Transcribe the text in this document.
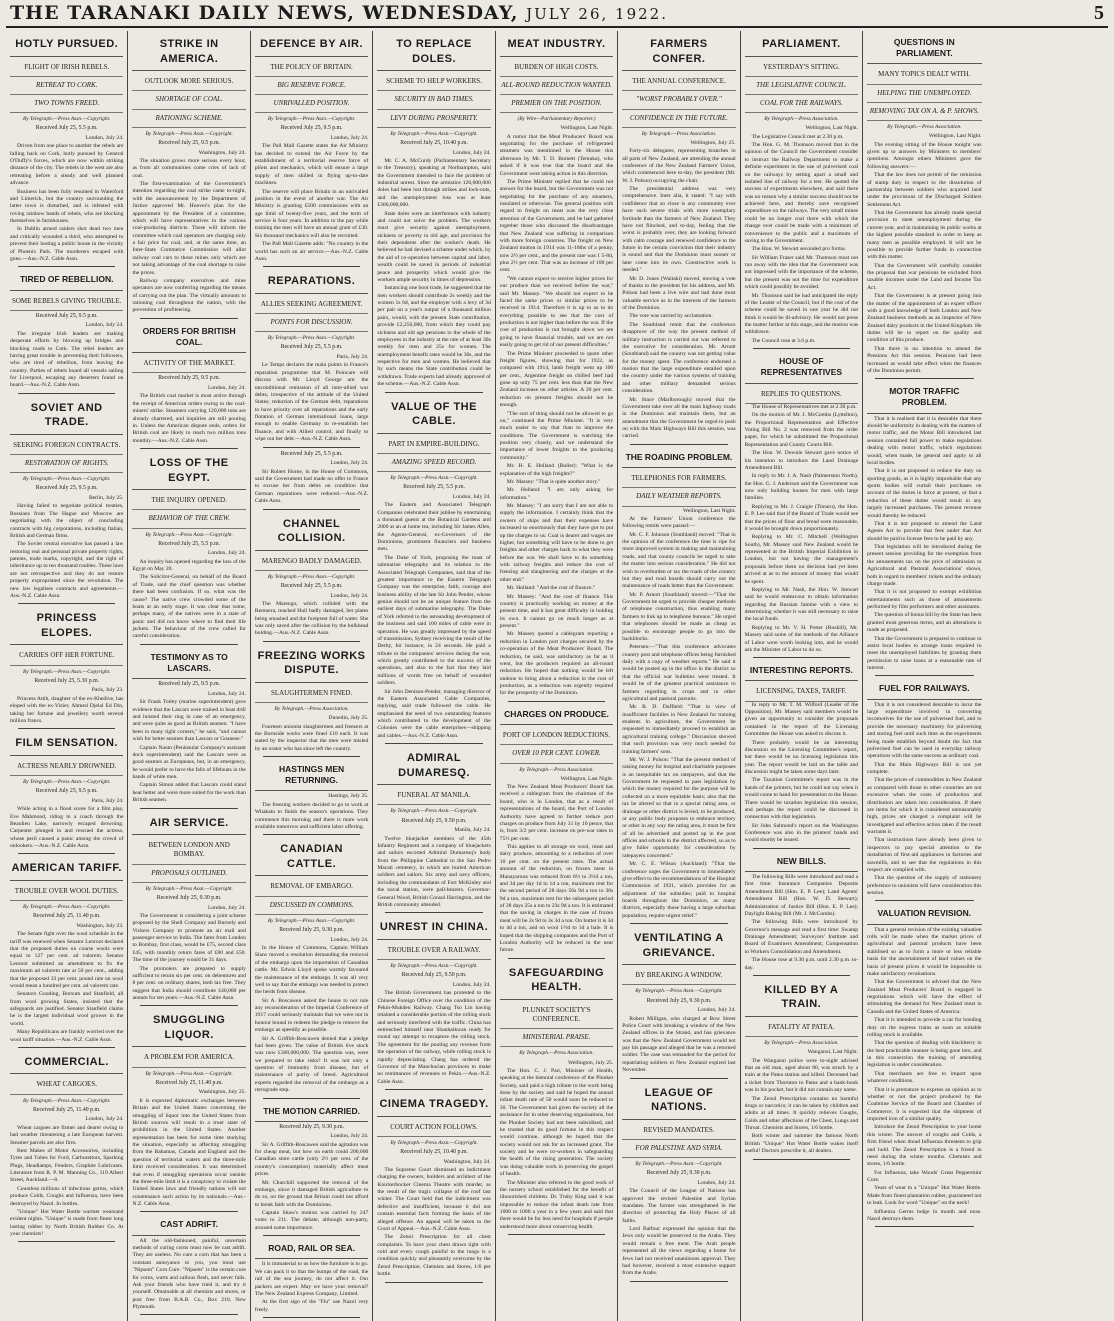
THE TARANAKI DAILY NEWS, WEDNESDAY, JULY 26, 1922.	5
HOTLY PURSUED.
FLIGHT OF IRISH REBELS.
RETREAT TO CORK.
TWO TOWNS FREED.
By Telegraph.—Press Assn.—Copyright.
Received July 25, 5.5 p.m.
London, July 24.

Driven from one place to another the rebels are falling back on Cork, hotly pursued by General O'Duffy's forces, which are now within striking distance of the city. The rebels in the west are also retreating before a steady and well planned advance.

Business has been fully resumed in Waterford and Limerick, but the country surrounding the latter town is disturbed, and is infested with roving rainbow bands of rebels, who are blocking themselves in farmhouses.

In Dublin armed raiders shot dead two men and critically wounded a third, who attempted to prevent their looting a public house in the vicinity of Phoenix Park. The murderers escaped with guns.—Aus.-N.Z. Cable Assn.

TIRED OF REBELLION.
SOME REBELS GIVING TROUBLE.
Received July 25, 9.5 p.m.
London, July 24.

The irregular Irish leaders are making desperate efforts by blowing up bridges and blocking roads to Cork. The rebel leaders are having great trouble in preventing their followers, who are tired of rebellion, from leaving the country. Parties of rebels board all vessels sailing for Liverpool, escaping any deserters found on board.—Aus.-N.Z. Cable Assn.

SOVIET AND TRADE.
SEEKING FOREIGN CONTRACTS.
RESTORATION OF RIGHTS.
By Telegraph.—Press Assn.—Copyright.
Received July 25, 9.5 p.m.
Berlin, July 25.

Having failed to negotiate political treaties, Russians from The Hague and Moscow are negotiating with the object of concluding contracts with big corporations, including Italian, British and German firms.

The Soviet central executive has passed a law restoring real and personal private property rights, patents, trade marks, copyright, and the right of inheritance up to ten thousand roubles. These laws are not retrospective and they do not restore property expropriated since the revolution. The new law legalises contracts and agreements.—Aus.-N.Z. Cable Assn.

PRINCESS ELOPES.
CARRIES OFF HER FORTUNE.
By Telegraph.—Press Assn.—Copyright.
Received July 25, 5.30 p.m.
Paris, July 23.

Princess Attih, daughter of the ex-Khedive, has eloped with the ex-Vizier, Ahmed Djelal Ed Din, taking her fortune and jewellery worth several million francs.

FILM SENSATION.
ACTRESS NEARLY DROWNED.
By Telegraph.—Press Assn.—Copyright.
Received July 25, 9.5 p.m.
Paris, July 24.

While acting in a flood scene for a film play, Eve Mahmond, riding in a coach through the Beaulieu Lake, narrowly escaped drowning. Carpenter plunged in and rescued the actress, whose peril caused a panic among the crowd of onlookers.—Aus.-N.Z. Cable Assn.

AMERICAN TARIFF.
TROUBLE OVER WOOL DUTIES.
By Telegraph.—Press Assn.—Copyright.
Received July 25, 11.40 p.m.
Washington, July 23.

The Senate fight over the wool schedule in the tariff was renewed when Senator Lenroot declared that the proposed duties on coarse wools were equal to 127 per cent. ad valorem. Senator Lenroot submitted an amendment to fix the maximum ad valorem rate at 50 per cent., adding that the proposed 33 per cent. pound rate on wool would mean a hundred per cent. ad valorem rate.

Senators Gooding, Borsum and Stanfield, all from wool growing States, insisted that the safeguards are justified. Senator Stanfield claims he is the largest individual wool grower in the world.

Many Republicans are frankly worried over the wool tariff situation.—Aus.-N.Z. Cable Assn.

COMMERCIAL.
WHEAT CARGOES.
By Telegraph.—Press Assn.—Copyright.
Received July 25, 11.40 p.m.
London, July 24.

Wheat cargoes are firmer and dearer owing to bad weather threatening a late European harvest. Steamer parcels are also firm.

Best Makes of Motor Accessories, including Tyres and Tubes for Ford, Carburettors, Sparking Plugs, Headlamps, Fenders, Graphite Lubricants. Literature from R. P. M. Manning Co., 119 Albert Street, Auckland.—8.

Countless millions of infectious germs, which produce Colds, Coughs and Influenza, have been destroyed by Nazol. In bottles.

"Unique" Hot Water Bottle warmer wearsand evident nights. "Unique" is made from finest long lasting rubber by North British Rubber Co. At your chemists!

STRIKE IN AMERICA.
OUTLOOK MORE SERIOUS.
SHORTAGE OF COAL.
RATIONING SCHEME.
By Telegraph.—Press Assn.—Copyright.
Received July 25, 9.5 p.m.
Washington, July 24.

The situation grows more serious every hour, as from all communities come cries of lack of coal.

The first-examination of the Government's intention regarding the coal strike came to-night, with the announcement by the Department of Justice approved Mr. Hoover's plan for the appointment by the President of a committee, which will have representatives in the various coal-producing districts. These will inform the committee which coal operators are charging only a fair price for coal, and, at the same time, an Inter-State Commerce Commission will allot railway coal cars to those mines only which are not taking advantage of the coal shortage to raise the prices.

Railway company executives and mine operators are now conferring regarding the means of carrying out the plan. The virtually amounts to rationing coal throughout the nation, with the prevention of profiteering.

ORDERS FOR BRITISH COAL.
ACTIVITY OF THE MARKET.
Received July 25, 9.5 p.m.
London, July 24.

The British coal market is most active through the receipt of American orders owing to the coal-miners' strike. Steamers carrying 120,000 tons are already chartered, and inquiries are still pouring in. Unless the American dispute ends, orders for British coal are likely to reach two million tons monthly.—Aus.-N.Z. Cable Assn.

LOSS OF THE EGYPT.
THE INQUIRY OPENED.
BEHAVIOR OF THE CREW.
By Telegraph.—Press Assn.—Copyright.
Received July 25, 5.5 p.m.
London, July 24.

An inquiry has opened regarding the loss of the Egypt on May 20.

The Solicitor-General, on behalf of the Board of Trade, said the chief question was whether there had been confusion. If so, what was the cause? The native crew crowded some of the boats at an early stage. It was clear that some, perhaps many, of the natives were in a state of panic and did not know where to find their life jackets. The behaviour of the crew called for careful consideration.

TESTIMONY AS TO LASCARS.
Received July 25, 9.5 p.m.
London, July 24.

Sir Frank Totley (marine superintendent) gave evidence that the Lascars were trained in boat drill and hoisted their ring in case of an emergency, and were quite as good as British seamen. "I have been in many tight corners," he said, "and cannot wish for better seamen than Lascars or Goanese."

Captain Naum (Peninsular Company's assistant dock superintendent) said the Lascars were as good seamen as Europeans, but, in an emergency, he would prefer to have the falls of lifeboats in the hands of white men.

Captain Simon added that Lascars could stand heat better and were more suited for the work than British seamen.

AIR SERVICE.
BETWEEN LONDON AND BOMBAY.
PROPOSALS OUTLINED.
By Telegraph.—Press Assn.—Copyright.
Received July 25, 9.30 p.m.
London, July 24.

The Government is considering a joint scheme proposed by the Shell Company and Burnely and Vickers Company to promote an air mail and passenger service to India. The fares from London to Bombay, first class, would be £75, second class £45, with monthly return fares of £80 and £50. The time of the journey would be 31 days.

The promoters are prepared to supply sufficient to return six per cent. on debentures and 8 per cent. on ordinary shares, both tax free. They suggest that India should contribute £40,000 per annum for ten years.—Aus.-N.Z. Cable Assn.

SMUGGLING LIQUOR.
A PROBLEM FOR AMERICA.
By Telegraph.—Press Assn.—Copyright.
Received July 25, 11.40 p.m.
Washington, July 25.

It is expected diplomatic exchanges between Britain and the United States concerning the smuggling of liquor into the United States from British sources will result in a truer state of prohibition in the United States. Another representation has been for some time studying the situation, especially as affecting smuggling from the Bahamas, Canada and England and the question of territorial waters and the three-mile limit received consideration. It was determined that even if smuggling operations occur outside the three-mile limit it is a conspiracy to violate the United States laws and friendly nations will not countenance such action by its nationals.—Aus.-N.Z. Cable Assn.

CAST ADRIFT.

All the old-fashioned, painful, uncertain methods of curing corns must now be cast adrift. They are useless. No cure a corn that has been a constant annoyance to you, you must use "Nipsem" Corn Cure. "Nipsem" is the certain cure for corns, warts and callous flesh, and never fails. Ask your friends who have tried it, and try it yourself. Obtainable at all chemists and stores, or post free from B.A.B. Co., Box 210, New Plymouth.

DEFENCE BY AIR.
THE POLICY OF BRITAIN.
BIG RESERVE FORCE.
UNRIVALLED POSITION.
By Telegraph.—Press Assn.—Copyright.
Received July 25, 9.5 p.m.
London, July 24.

The Pall Mall Gazette states the Air Ministry has decided to extend the Air Force by the establishment of a territorial reserve force of pilots and mechanics, which will ensure a large supply of men skilled in flying up-to-date machines.

The reserve will place Britain in an unrivalled position in the event of another war. The Air Ministry is granting £500 commissions with an age limit of twenty-five years, and the term of service is four years. In addition to the pay while training the men will have an annual grant of £30. Six thousand mechanics will also be recruited.

The Pall Mall Gazette adds: "No country in the world has such an air service.—Aus.-N.Z. Cable Assn.

REPARATIONS.
ALLIES SEEKING AGREEMENT.
POINTS FOR DISCUSSION.
By Telegraph.—Press Assn.—Copyright.
Received July 25, 5.5 p.m.
Paris, July 24.

Le Temps declares the main points in France's reparation programme that M. Poincare will discuss with Mr. Lloyd George are: the unconditional remission of all inter-allied war debts; irrespective of the attitude of the United States; reduction of the German debt, reparations to have priority over all reparations and the early flotation of German international loans, large enough to enable Germany to re-establish her finance, and with Allied control, and finally to wipe out her debt.—Aus.-N.Z. Cable Assn.

Received July 25, 5.5 p.m.
London, July 24.

Sir Robert Horne, in the House of Commons, said the Government had made no offer to France to excuse her from debts on condition that German reparations were reduced.—Aus.-N.Z. Cable Assn.

CHANNEL COLLISION.
MARENGO BADLY DAMAGED.
By Telegraph.—Press Assn.—Copyright.
Received July 25, 5.5 p.m.
London, July 24.

The Marengo, which collided with the Remuera, reached Hull badly damaged, her plates being smashed and the foreprest full of water. She was only saved after the collision by the bulkhead holding.—Aus.-N.Z. Cable Assn.

FREEZING WORKS DISPUTE.
SLAUGHTERMEN FINED.
By Telegraph.—Press Association.
Dunedin, July 25.

Fourteen unionist slaughtermen and freezers at the Burnside works were fined £10 each. It was stated by the inspector that the men were misled by an orator who has since left the country.

HASTINGS MEN RETURNING.
Hastings, July 25.

The freezing workers decided to go to work at Whakatu to finish the season's operations. They commence this morning and there is more work available tomorrow and sufficient labor offering.

CANADIAN CATTLE.
REMOVAL OF EMBARGO.
DISCUSSED IN COMMONS.
By Telegraph.—Press Assn.—Copyright.
Received July 25, 9.30 p.m.
London, July 24.

In the House of Commons, Captain William Shaw moved a resolution demanding the removal of the embargo upon the importation of Canadian cattle. Mr. Edwin Lloyd spoke warmly favoured the maintenance of the embargo. It was all very well to say that the embargo was needed to protect the herds from disease.

Sir A. Boscawen asked the house to not rule any reconsideration of the Imperial Conference of 1917 could seriously maintain that we were not in honour bound to redeem the pledge to remove the embargo as speedily as possible.

Sir A. Griffith-Boscawen denied that a pledge had been given. The value of British live stock was now £300,000,000. The question was, were we prepared to take risks? It was not only a question of immunity from disease, but of maintenance of purity of breed. Agricultural experts regarded the removal of the embargo as a retrograde step.

THE MOTION CARRIED.
Received July 25, 9.30 p.m.
London, July 24.

Sir A. Griffith-Boscawen said the agitation was for cheap meat, but how on earth could 200,000 Canadian store cattle (only 2½ per cent. of the country's consumption) materially affect meat prices.

Mr. Churchill supported the removal of the embargo, since it damaged British agriculture to do so, on the ground that Britain could not afford to break faith with the Dominions.

Captain Shaw's motion was carried by 247 votes to 211. The debate, although non-party, aroused some importance.

ROAD, RAIL OR SEA.

It is immaterial to us how the furniture is to go. We can pack it so that the bumps of the road, the rail of the sea journey, do not affect it. Our packers are expert. May we have your removal? The New Zealand Express Company, Limited.

At the first sign of the "Flu" use Nazol very freely.

TO REPLACE DOLES.
SCHEME TO HELP WORKERS.
SECURITY IN BAD TIMES.
LEVY DURING PROSPERITY.
By Telegraph.—Press Assn.—Copyright.
Received July 25, 10.40 p.m.
London, July 24.

Mr. C. A. McCurdy (Parliamentary Secretary to the Treasury), speaking at Northampton, said the Government intended to face the problem of industrial unrest. Since the armistice 120,000,000 doles had been lost through strikes and lock-outs, and the unemployment loss was at least £300,000,000.

State doles were an interference with industry and could not solve the problem. The workers must give security against unemployment, sickness or poverty in old age, and provision for their dependents after the worker's death. He believed he had devised a scheme under which, by the aid of co-operation between capital and labor, wealth could be saved in periods of industrial peace and prosperity which would give the workers ample security in times of depression.

Instancing one boot trade, he suggested that the men workers should contribute 2s weekly and the women 1s 6d, and the employer with a levy of 3d per pair on a year's output of a thousand million pairs, would, with the present State contribution, provide £2,250,000, from which they could pay sickness and old age pensions to the whole of the employees in the industry at the rate of at least 30s weekly for men and 25s for women. The unemployment benefit rates would be 30s, and the respective for men and women. He believed that by such means the State contribution could be withdrawn. Trade experts had already approved of the scheme.—Aus.-N.Z. Cable Assn.

VALUE OF THE CABLE.
PART IN EMPIRE-BUILDING.
AMAZING SPEED RECORD.
By Telegraph.—Press Assn.—Copyright.
Received July 25, 5.5 p.m.
London, July 24.

The Eastern and Associated Telegraph Companies celebrated their jubilee by entertaining a thousand guests at the Botanical Gardens and 2000 at an at home tea, including Sir James Allen, the Agents-General, ex-Governors of the Dominions, prominent financiers and business men.

The Duke of York, proposing the toast of submarine telegraphy and its relation to the Associated Telegraph Companies, said that of the greatest importance to the Eastern Telegraph Company was the enterprise, faith, courage and business ability of the late Sir John Pender, whose genius should not be an unique feature from the earliest days of submarine telegraphy. The Duke of York referred to the astounding development of the business and said 100 miles of cable were in operation. He was greatly impressed by the speed of transmission, Sydney receiving the result of the Derby, for instance, in 24 seconds. He paid a tribute to the companies' services during the war, which greatly contributed to the success of the operations, and also to the fact that they laid millions of words free on behalf of wounded soldiers.

Sir John Denison-Pender, managing director of the Eastern Associated Cable Companies, replying, said trade followed the cable. He emphasised the need of two outstanding features which contributed to the development of the Colonies were the cable enterprises—shipping and cables.—Aus.-N.Z. Cable Assn.

ADMIRAL DUMARESQ.
FUNERAL AT MANILA.
By Telegraph.—Press Assn.—Copyright.
Received July 25, 9.50 p.m.
Manila, July 24.

Twelve bluejacket members of the 45th Infantry Regiment and a company of bluejackets and sailors escorted Admiral Dumaresq's body from the Philippine Cathedral to the San Pedro Macati cemetery, in which are buried American soldiers and sailors. Six army and navy officers, including the commandants of Fort McKinley and the naval station, were pall-bearers. Governor-General Wood, British Consul Harrington, and the British community attended.

UNREST IN CHINA.
TROUBLE OVER A RAILWAY.
By Telegraph.—Press Assn.—Copyright.
Received July 25, 9.50 p.m.
London, July 24.

The British Government has protested to the Chinese Foreign Office over the condition of the Pekin-Mukden Railway. Chang Tso Lin having retained a considerable portion of the rolling stock and seriously interfered with the traffic. China has entrenched himself near Shanhaikwan ready for round say attempt to recapture the rolling stock. The agreement for the pooling any revenue from the operation of the railway, while rolling stock is rapidly depreciating. Chang has ordered the Governor of the Manchurian provinces to make no remittances of revenues to Pekin.—Aus.-N.Z. Cable Assn.

CINEMA TRAGEDY.
COURT ACTION FOLLOWS.
By Telegraph.—Press Assn.—Copyright.
Received July 25, 10.40 p.m.
Washington, July 24.

The Supreme Court dismissed an indictment charging the owners, builders and architect of the Knickerbocker Cinema Theatre with murder, as the result of the tragic collapse of the roof last winter. The Court held that the indictment was defective and insufficient, because it did not contain essential facts forming the basis of the alleged offence. An appeal will be taken to the Court of Appeal.—Aus.-N.Z. Cable Assn.

The Zenol Prescription for all chest complaints. To have your chest drawn tight with cold and every cough painful to the lungs is a condition quickly and pleasantly overcome by the Zenol Prescription. Chemists and Stores, 1/6 per bottle.

MEAT INDUSTRY.
BURDEN OF HIGH COSTS.
ALL-ROUND REDUCTION WANTED.
PREMIER ON THE POSITION.
(By Wire—Parliamentary Reporter.)
Wellington, Last Night.

A rumor that the Meat Producers' Board was negotiating for the purchase of refrigerated steamers was mentioned in the House this afternoon by Mr. T. D. Burnett (Temuka), who asked if it was true that the board and the Government were taking action in this direction.

The Prime Minister replied that he could not answer for the board, but the Government was not negotiating for the purchase of any steamers, insulated or otherwise. The general position with regard to freight on meat was the very close attention of the Government, and he had gathered together those who discussed the disadvantages that New Zealand was suffering in comparison with more foreign countries. The freight on New Zealand mutton in 1914 was 11-16ths of a penny, now 2½ per cent., and the present rate was 1 5-8d, plus 2½ per cent. That was an increase of 100 per cent.

"We cannot expect to receive higher prices for our produce than we received before the war," said Mr. Massey. "We should not expect to be faced the same prices or similar prices to be received in 1914. Therefore it is up to us to do everything possible to see that the cost of production is not higher than before the war. If the cost of production is not brought down we are going to have financial trouble, and we are not easily going to get rid of our present difficulties."

The Prime Minister proceeded to quote other freight figures, showing that for 1922, as compared with 1914, lamb freight went up 100 per cent., Argentine freight on chilled beef had gone up only 75 per cent. less than that the New Zealand increase on other articles. A 20 per cent. reduction on present freights should not be enough.

"The sort of thing should not be allowed to go on," continued the Prime Minister. "It is very much easier to say that than to improve the conditions. The Government is watching the position very closely, and we understand the importance of lower freights to the producing community."

Mr. H. E. Holland (Buller): "What is the explanation of the high freights?"

Mr. Massey: "That is quite another story."

Mr. Holland: "I am only asking for information."

Mr. Massey: "I am sorry that I am not able to supply the information. I certainly think that the owners of ships and that their expenses have increased so enormously that they have got to put up the charges to us. Coal is dearer and wages are higher, but something will have to be done to get freights and other charges back to what they were before the war. We shall have to do something with railway freights and reduce the cost of freezing and slaughtering and the charges at the other end."

Mr. Holland: "And the cost of finance."

Mr. Massey: "And the cost of finance. This country is practically working on money at the present time, and it has great difficulty in holding its own. It cannot go on much longer as at present."

Mr. Massey quoted a cablegram reporting a reduction in London port charges secured by the co-operation of the Meat Producers' Board. The reduction, he said, was satisfactory as far as it went, but the producers required an all-round reduction. He hoped that nothing would be left undone to bring about a reduction in the cost of production, as a reduction was urgently required for the prosperity of the Dominion.

CHARGES ON PRODUCE.
PORT OF LONDON REDUCTIONS.
OVER 10 PER CENT. LOWER.
By Telegraph.—Press Association.
Wellington, Last Night.

The New Zealand Meat Producers' Board has received a cablegram from the chairman of the board, who is in London, that as a result of representations of the board, the Port of London Authority have agreed to further reduce port charges on produce from July 31 by 10 pence, that is, from 3/2 per cent. increase on pre-war rates to 75½ per cent.

This applies to all storage on wool, meat and dairy produce, amounting to a reduction of over 10 per cent. on the present rates. The actual amount of the reduction, on frozen meat in Manayarooa was reduced from 8½ to 3½d a ton, and 3d per day 1d to 1d a ton, maximum rent for the second period of 28 days 56s 9d a ton to 36s 9d a ton, maximum rent for the subsequent period of 28 days 25s a ton to 23s 9d a ton. It is estimated that the saving in charges in the case of frozen meat will be 2s 9d to 3s 3d a ton. On butter it is 3d to 4d a ton, and on wool 1½d to 1d a bale. It is hoped that the shipping companies and the Port of London Authority will be reduced in the near future.

SAFEGUARDING HEALTH.
PLUNKET SOCIETY'S CONFERENCE.
MINISTERIAL PRAISE.
By Telegraph.—Press Association.
Wellington, July 25.

The Hon. C. J. Parr, Minister of Health, speaking at the biennial conference of the Plunket Society, said paid a high tribute to the work being done by the society and said he hoped the annual infant death rate of 50 would soon be reduced to 30. The Government had given the society all the assistance for in other deserving organisations, but the Plunket Society had not been subsidised, and he trusted that its good fortune in this respect would continue, although he hoped that the society would not ask for an increased grant. The society and he were co-workers in safeguarding the health of the rising generation. The society was doing valuable work in preserving the gospel of health.

The Minister also referred to the good work of the nursery school established for the benefit of illnourished children. Dr. Truby King said it was impossible to reduce the infant death rate from 1000 to 1000 a year in a few years and said that there would be for less need for hospitals if people understood more about conserving health.

FARMERS CONFER.
THE ANNUAL CONFERENCE.
"WORST PROBABLY OVER."
CONFIDENCE IN THE FUTURE.
By Telegraph.—Press Association.
Wellington, July 25.

Forty-six delegates, representing branches in all parts of New Zealand, are attending the annual conference of the New Zealand Farmers' Union, which commenced here to-day, the president (Mr. W. J. Polson) occupying the chair.

The presidential address was very comprehensive. Inter alia, it stated: "I say with confidence that so close is any community ever have such severe trials with more exemplary fortitude than the farmers of New Zealand. They have not flinched, and to-day, feeling that the worst is probably over, they are looking forward with calm courage and renewed confidence to the future in the certain conviction that their industry is sound and that the Dominion must sooner or later come into its own. Constructive work is needed."

Mr. D. Jones (Waitaki) moved, moving a vote of thanks to the president for his address, and Mr. Polson had been a live wire and had done most valuable service as in the interests of the farmers of the Dominion.

The vote was carried by acclamation.

The Southland remit that the conference disapprove of the way the present method of military instruction is carried out was referred to the executive for consideration. Mr. Arnott (Southland) said the country was not getting value for the money spent. The conference endorsed a motion that the large expenditure entailed upon the country under the various systems of training and other military demanded serious consideration.

Mr. Stace (Marlborough) moved that the Government take over all the main highway roads in the Dominion and maintain them, but an amendment that the Government be urged to push on with the Main Highways Bill this session, was carried.

THE ROADING PROBLEM.
TELEPHONES FOR FARMERS.
DAILY WEATHER REPORTS.
Wellington, Last Night.

At the Farmers' Union conference the following remits were passed:—

Mr. C. F. Johnson (Southland) moved: "That in the opinion of the conference the time is ripe for more improved system in making and maintaining roads, and that county councils be urged to take the matter into serious consideration." He did not wish to overburden or tax the roads of the country but they and road boards should carry out the maintenance of roads better than the Government.

Mr. P. Arnott (Southland) moved:—"That the Government be urged to provide cheaper methods of telephone construction, thus enabling many farmers to link up to telephone bureaus." He urged that telephones should be made as cheap as possible to encourage people to go into the backblocks.

Petersen:—"That this conference advocates country post and telephone offices being furnished daily with a copy of weather reports." He said it would be posted up in the office in the district so that the official war bulletins were treated. It would be of the greatest practical assistance to farmers regarding in crops and in other agricultural and pastoral pursuits.

Mr. R. D. Duffield: "That in view of insufficient facilities in New Zealand for training students in agriculture, the Government be requested to immediately proceed to establish an agricultural training college." Discussion showed that such provision was very much needed for training farmers' sons.

Mr. W. J. Polson: "That the present method of raising money for hospital and charitable purposes is an inequitable tax on ratepayers, and that the Government be requested to pass legislation by which the money required for the purpose will be collected on a more equitable basis; also that the tax be altered so that in a special rating area, or drainage or other district is levied, to be produced, or any public body proposes to embrace territory or other in any way the rating area, it must be first of all be advertised and posted up in the post offices and schools in the district affected, so as to give fuller opportunity for consideration by ratepayers concerned."

Mr. C. E. Wilson (Auckland): "That the conference urges the Government to immediately give effect to the recommendations of the Hospital Commission of 1921, which provides for an adjustment of the subsidies; paid to hospital boards throughout the Dominion, as many districts, especially those having a large suburban population, require urgent relief."

VENTILATING A GRIEVANCE.
BY BREAKING A WINDOW.
By Telegraph.—Press Assn.—Copyright.
Received July 25, 9.30 p.m.
London, July 24.

Robert Milligan, who charged at Bow Street Police Court with breaking a window of the New Zealand offices in the Strand, and has grievance was that the New Zealand Government would not pay his passage and alleged that he was a returned soldier. The case was remanded for the period for repatriating soldiers to New Zealand expired last November.

LEAGUE OF NATIONS.
REVISED MANDATES.
FOR PALESTINE AND SYRIA.
By Telegraph.—Press Assn.—Copyright.
Received July 25, 9.30 p.m.
London, July 24.

The Council of the League of Nations has approved the revised Palestine and Syrian mandates. The former was strengthened in the direction of protecting the Holy Places of all faiths.

Lord Balfour expressed the opinion that the Jews only would be preserved to the Arabs. They would remain a free ment. The Arab people represented all the views regarding a home for Jews had not received unanimous approval. They had however, received a most extensive support from the Arabs.

PARLIAMENT.
YESTERDAY'S SITTING.
THE LEGISLATIVE COUNCIL.
COAL FOR THE RAILWAYS.
By Telegraph.—Press Association.
Wellington, Last Night.

The Legislative Council met at 2.30 p.m.

The Hon. G. M. Thomson moved that in the opinion of the Council the Government consider to instruct the Railway Department to make a definite experiment in the use of pulverised coal on the railways by setting apart a small and isolated line of railway for a test. He quoted the success of experiments elsewhere, and said there was no reason why a similar success should not be achieved here, and thereby save recognised expenditure on the railways. The very small mines could be no longer coal there with which the change over could be made with a minimum of convenience to the public and a maximum of saving to the Government.

The Hon. W. Stewart seconded pro forma.

Sir William Fraser said Mr. Thomson must not run away with the idea that the Government was not impressed with the importance of the scheme, but the present was not the time for expenditure which could possibly be avoided.

Mr. Thomson said he had anticipated the reply of the Leader of the Council, but if the cost of the scheme could be saved in one year he did not think it would be ill-advisory. He would not press the matter further at this stage, and the motion was withdrawn.

The Council rose at 3.6 p.m.

HOUSE OF REPRESENTATIVES
REPLIES TO QUESTIONS.

The House of Representatives met at 2.30 p.m.

On the motion of Mr. J. McCombs (Lyttelton), the Proportional Representation and Effective Voting Bill No. 2 was removed from the order paper, for which he substituted the Proportional Representation and County Courts Bill.

The Hon. W. Downie Stewart gave notice of his intention to introduce the Land Drainage Amendment Bill.

In reply to Mr. J. A. Nash (Palmerston North), the Hon. G. J. Anderson said the Government was now only building houses for men with large families.

Replying to Mr. J. Craigie (Timaru), the Hon. E. P. Lee said that if the Board of Trade would see that the prices of flour and bread were reasonable, it would be brought down proportionately.

Replying to Mr. C. Mitchell (Wellington South), Mr. Massey said New Zealand would be represented at the British Imperial Exhibition in London, but not having the management's proposals before them no decision had yet been arrived at as to the amount of money that would be spent.

Replying to Mr. Nash, the Hon. W. Stewart said he would endeavour to obtain information regarding the Russian famine with a view to determining whether it was still necessary to raise the local funds.

Replying to Mr. V. H. Potter (Roskill), Mr. Massey said some of the methods of the Alliance of Labor were worth looking into, and he would ask the Minister of Labor to do so.

INTERESTING REPORTS.
LICENSING, TAXES, TARIFF.

In reply to Mr. T. M. Wilford (Leader of the Opposition), Mr. Massey said members would be given an opportunity to consider the proposals contained in the report of the Licensing Committee the House was asked to discuss it.

There probably would be an interesting discussion on the Licensing Committee's report, but there would be no licensing legislation this year. The report would be laid on the table and discussion might be taken some days later.

The Taxation Committee's report was in the hands of the printers, but he could not say when it would come to hand for presentation to the House. There would be taxation legislation this session, and perhaps the report could be discussed in connection with that legislation.

Sir John Salmond's report on the Washington Conference was also in the printers' hands and would shortly be issued.

NEW BILLS.

The following Bills were introduced and read a first time: Insurance Companies Deposits Amendment Bill (Hon. E. P. Lee); Land Agents' Amendment Bill (Hon. W. D. Stewart); Administration of Justice Bill (Hon. E. P. Lee); Daylight Baking Bill (Mr. J. McCombs).

The following Bills were introduced by Governor's message and read a first time: Swamp Drainage Amendment; Surveyors' Institute and Board of Examiners Amendment; Compensation to Workers Consolidation and Amendment.

The House rose at 9.30 p.m. until 2.30 p.m. to-day.

KILLED BY A TRAIN.
FATALITY AT PATEA.
By Telegraph.—Press Association.
Wanganui, Last Night.

The Wanganui police were to-night advised that an old man, aged about 80, was struck by a train at the Patea station and killed. Deceased had a ticket from Thornton to Patea and a bank-book was in his pocket, but it did not contain any name.

The Zenol Prescription contains no harmful drugs or narcotics; it can be taken by children and adults at all times. It quickly relieves Coughs, Colds and other affections of the Chest, Lungs and Throat. Chemists and Stores, 1/6 bottle.

Both winter and summer the famous North British "Unique" Hot Water Bottle wakes itself useful! Doctors prescribe it, all dealers.

QUESTIONS IN PARLIAMENT.
MANY TOPICS DEALT WITH.
HELPING THE UNEMPLOYED.
REMOVING TAX ON A. & P. SHOWS.
By Telegraph.—Press Association.
Wellington, Last Night.

The evening sitting of the House tonight was given up to answers by Ministers to members' questions. Amongst others Ministers gave the following answers:—

That the law does not permit of the remission of stamp duty in respect to the dissolution of partnership between soldiers who acquired land under the provisions of the Discharged Soldiers Settlement Act.

That the Government has already made special provision to meet unemployment during the current year, and in maintaining its public works at the highest possible standard in order to keep as many men as possible employed. It will not be possible to provide further funds in connection with this matter.

That the Government will carefully consider the proposal that war pensions be excluded from taxable incomes under the Land and Income Tax Act.

That the Government is at present going into the matter of the appointment of an expert officer with a good knowledge of both London and New Zealand business methods as an inspector of New Zealand dairy products in the United Kingdom. He duties will be to report on the quality and condition of this produce.

That there is no intention to amend the Pensions Act this session. Pensions had been increased as would take effect when the finances of the Dominion permit.

MOTOR TRAFFIC PROBLEM.

That it is realised that it is desirable that there should be uniformity in dealing with the matters of motor traffic, and the Motor Bill introduced last session contained full power to make regulations dealing with motor traffic, which regulations would, when made, be general and apply to all local bodies.

That it is not proposed to reduce the duty on sporting goods, as it is highly improbable that any sports bodies will curtail their purchases on account of the duties in force at present, or that a reduction of these duties would result in any largely increased purchases. The present revenue would thereby be reduced.

That it is not proposed to amend the Land Agents Act to provide that fees under that Act should be paid to license fees to be paid by any.

That legislation will be introduced during the present session providing for the exemption from the amusements tax on the price of admission to Agricultural and Pastoral Associations' shows, both in regard to members' tickets and the ordinary charge made.

That it is not proposed to exempt exhibition entertainments such as those of amusements performed by film performers and other assistants.

The question of bonus bill by the State has been granted most generous terms, and an alterations is made as proposed.

That the Government is prepared to continue to assist local bodies to arrange loans required to meet the unemployed liabilities by granting them permission to raise loans at a reasonable rate of interest.

FUEL FOR RAILWAYS.

That it is not considered desirable to incur the large expenditure involved in converting locomotives for the use of pulverised fuel, and to provide the necessary machinery for pulverising and storing fuel until such time as the experiments being made establish beyond doubt the fact that pulverised fuel can be used in everyday railway operations with the same success as ordinary coal.

That the Main Highways Bill is not yet complete.

That the prices of commodities in New Zealand as compared with those in other countries are not excessive when the costs of production and distribution are taken into consideration. If there are items for which it is considered unreasonably high, prices are charged a complaint will be investigated and effective action taken if the result warrants it.

That instructions have already been given to inspectors to pay special attention to the installation of first-aid appliances in factories and sawmills, and to see that the regulations in this respect are complied with.

That the question of the supply of stationery preference to unionists will have consideration this session.

VALUATION REVISION.

That a general revision of the existing valuation rolls will be made when the market prices of agricultural and pastoral products have been stabilised so as to form a more or less reliable basis for the ascertainment of land values on the basis of present prices it would be impossible to make satisfactory revaluations.

That the Government is advised that the New Zealand Meat Producers' Board is engaged in negotiations which will have the effect of stimulating the demand for New Zealand meat in Canada and the United States of America.

That it is intended to provide a car for bonding duty on the express trains as soon as suitable rolling stock is available.

That the question of dealing with blackberry in the best practicable manner is being gone into, and in this connection the training of amending legislation is under consideration.

That merchants are free to import upon whatever conditions.

That it is premature to express an opinion as to whether or not the project produced by the Coalmine Service of the Board and Chamber of Commerce, it is expected that the shipment of imported iron of a similar quality.

Introduce the Zenol Prescription to your home this winter. The answer of coughs and Colds, a firm friend when dread Influenza threatens to grip and hold. The Zenol Prescription is a friend in need during the winter months. Chemists and stores, 1/6 bottle.

For Influenza, take Woods' Great Peppermint Cure.

Years of wear in a "Unique" Hot Water Bottle. Made from finest plantation rubber, guaranteed not to leak. Look for word "Unique" on the neck!

Influenza Germs lodge in mouth and nose. Nazol destroys them.
